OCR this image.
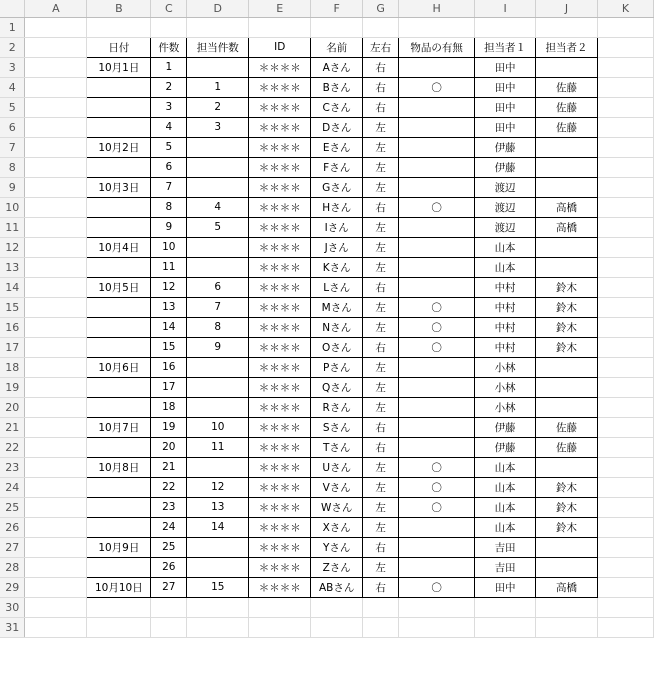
	A	B	C	D	E	F	G	H	I	J	K
1											
2		日付	件数	担当件数	ID	名前	左右	物品の有無	担当者１	担当者２	
3		10月1日	1		＊＊＊＊	Aさん	右		田中		
4			2	1	＊＊＊＊	Bさん	右	〇	田中	佐藤	
5			3	2	＊＊＊＊	Cさん	右		田中	佐藤	
6			4	3	＊＊＊＊	Dさん	左		田中	佐藤	
7		10月2日	5		＊＊＊＊	Eさん	左		伊藤		
8			6		＊＊＊＊	Fさん	左		伊藤		
9		10月3日	7		＊＊＊＊	Gさん	左		渡辺		
10			8	4	＊＊＊＊	Hさん	右	〇	渡辺	高橋	
11			9	5	＊＊＊＊	Iさん	左		渡辺	高橋	
12		10月4日	10		＊＊＊＊	Jさん	左		山本		
13			11		＊＊＊＊	Kさん	左		山本		
14		10月5日	12	6	＊＊＊＊	Lさん	右		中村	鈴木	
15			13	7	＊＊＊＊	Mさん	左	〇	中村	鈴木	
16			14	8	＊＊＊＊	Nさん	左	〇	中村	鈴木	
17			15	9	＊＊＊＊	Oさん	右	〇	中村	鈴木	
18		10月6日	16		＊＊＊＊	Pさん	左		小林		
19			17		＊＊＊＊	Qさん	左		小林		
20			18		＊＊＊＊	Rさん	左		小林		
21		10月7日	19	10	＊＊＊＊	Sさん	右		伊藤	佐藤	
22			20	11	＊＊＊＊	Tさん	右		伊藤	佐藤	
23		10月8日	21		＊＊＊＊	Uさん	左	〇	山本		
24			22	12	＊＊＊＊	Vさん	左	〇	山本	鈴木	
25			23	13	＊＊＊＊	Wさん	左	〇	山本	鈴木	
26			24	14	＊＊＊＊	Xさん	左		山本	鈴木	
27		10月9日	25		＊＊＊＊	Yさん	右		吉田		
28			26		＊＊＊＊	Zさん	左		吉田		
29		10月10日	27	15	＊＊＊＊	ABさん	右	〇	田中	高橋	
30											
31											
